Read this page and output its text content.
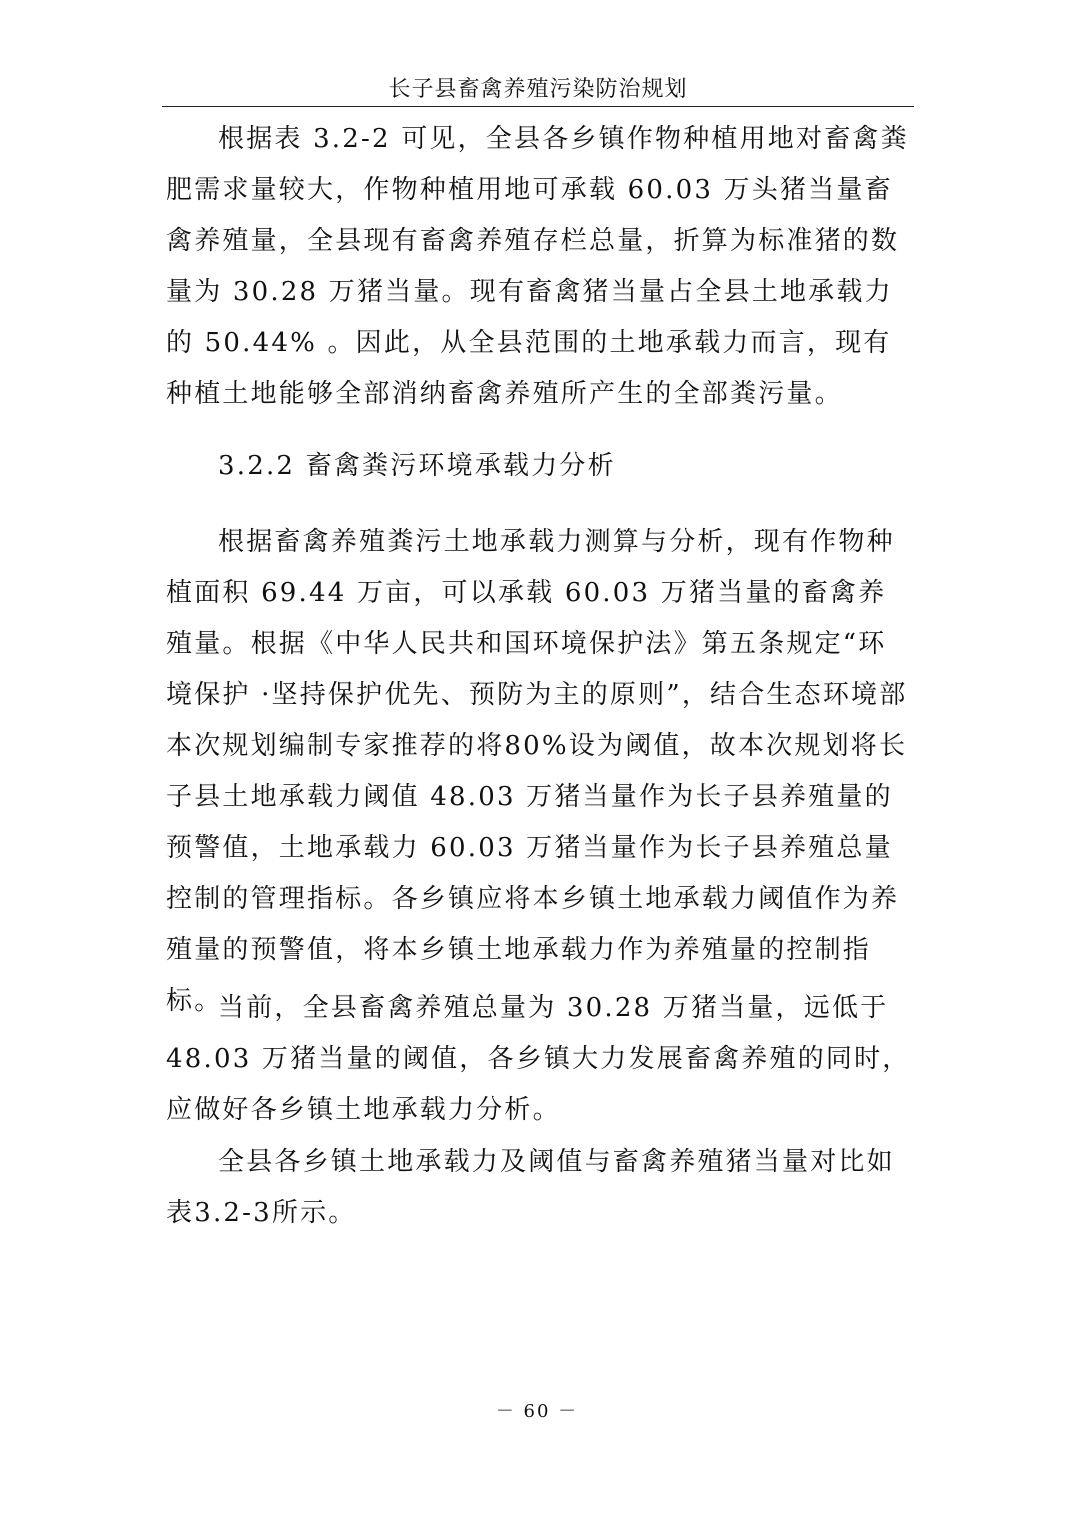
长子县畜禽养殖污染防治规划

根据表 3.2-2 可见，全县各乡镇作物种植用地对畜禽粪肥需求量较大，作物种植用地可承载 60.03 万头猪当量畜禽养殖量，全县现有畜禽养殖存栏总量，折算为标准猪的数量为 30.28 万猪当量。现有畜禽猪当量占全县土地承载力的 50.44% 。因此，从全县范围的土地承载力而言，现有种植土地能够全部消纳畜禽养殖所产生的全部粪污量。

3.2.2 畜禽粪污环境承载力分析

根据畜禽养殖粪污土地承载力测算与分析，现有作物种植面积 69.44 万亩，可以承载 60.03 万猪当量的畜禽养殖量。根据《中华人民共和国环境保护法》第五条规定“环境保护 ·坚持保护优先、预防为主的原则”，结合生态环境部本次规划编制专家推荐的将80%设为阈值，故本次规划将长子县土地承载力阈值 48.03 万猪当量作为长子县养殖量的预警值，土地承载力 60.03 万猪当量作为长子县养殖总量控制的管理指标。各乡镇应将本乡镇土地承载力阈值作为养殖量的预警值，将本乡镇土地承载力作为养殖量的控制指标。

当前，全县畜禽养殖总量为 30.28 万猪当量，远低于 48.03 万猪当量的阈值，各乡镇大力发展畜禽养殖的同时，应做好各乡镇土地承载力分析。

全县各乡镇土地承载力及阈值与畜禽养殖猪当量对比如表3.2-3所示。

－ 60 －
